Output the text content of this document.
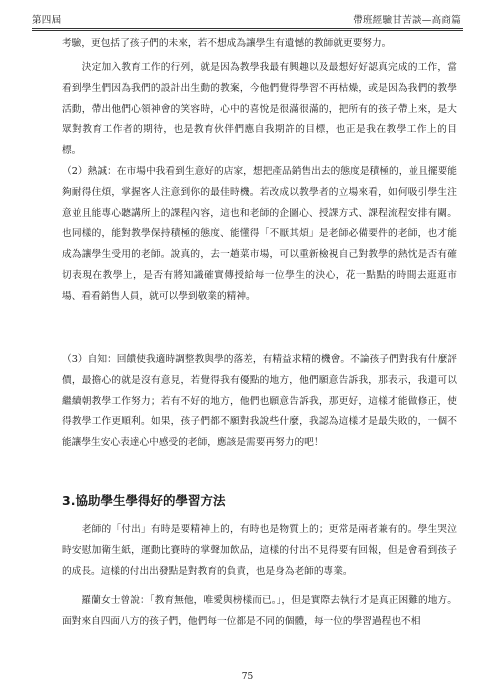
第四屆	帶班經驗甘苦談—高商篇

考驗，更包括了孩子們的未來，若不想成為讓學生有遺憾的教師就更要努力。

　　決定加入教育工作的行列，就是因為教學我最有興趣以及最想好好認真完成的工作，當看到學生們因為我們的設計出生動的教案，今他們覺得學習不再枯燥，或是因為我們的教學活動，帶出他們心領神會的笑容時，心中的喜悅是很滿很滿的，把所有的孩子帶上來，是大眾對教育工作者的期待，也是教育伙伴們應自我期許的目標，也正是我在教學工作上的目標。

（2）熱誠：在市場中我看到生意好的店家，想把產品銷售出去的態度是積極的，並且擺要能夠耐得住煩，掌握客人注意到你的最佳時機。若改成以教學者的立場來看，如何吸引學生注意並且能專心聽講所上的課程內容，這也和老師的企圖心、授課方式、課程流程安排有關。也同樣的，能對教學保持積極的態度、能懂得「不厭其煩」是老師必備要件的老師，也才能成為讓學生受用的老師。說真的，去一趟菜市場，可以重新檢視自己對教學的熱忱是否有確切表現在教學上，是否有將知識確實傳授給每一位學生的決心，花一點點的時間去逛逛市場、看看銷售人員，就可以學到敬業的精神。

（3）自知：回饋使我適時調整教與學的落差，有精益求精的機會。不論孩子們對我有什麼評價，最擔心的就是沒有意見，若覺得我有優點的地方，他們願意告訴我，那表示，我還可以繼續朝教學工作努力；若有不好的地方，他們也願意告訴我，那更好，這樣才能做修正，使得教學工作更順利。如果，孩子們都不願對我說些什麼，我認為這樣才是最失敗的，一個不能讓學生安心表達心中感受的老師，應該是需要再努力的吧！

3.協助學生學得好的學習方法

　　老師的「付出」有時是要精神上的，有時也是物質上的；更常是兩者兼有的。學生哭泣時安慰加衛生紙，運動比賽時的掌聲加飲品，這樣的付出不見得要有回報，但是會看到孩子的成長。這樣的付出出發點是對教育的負責，也是身為老師的專業。

　　羅蘭女士曾說：「教育無他，唯愛與榜樣而已。」，但是實際去執行才是真正困難的地方。面對來自四面八方的孩子們，他們每一位都是不同的個體，每一位的學習過程也不相

75
